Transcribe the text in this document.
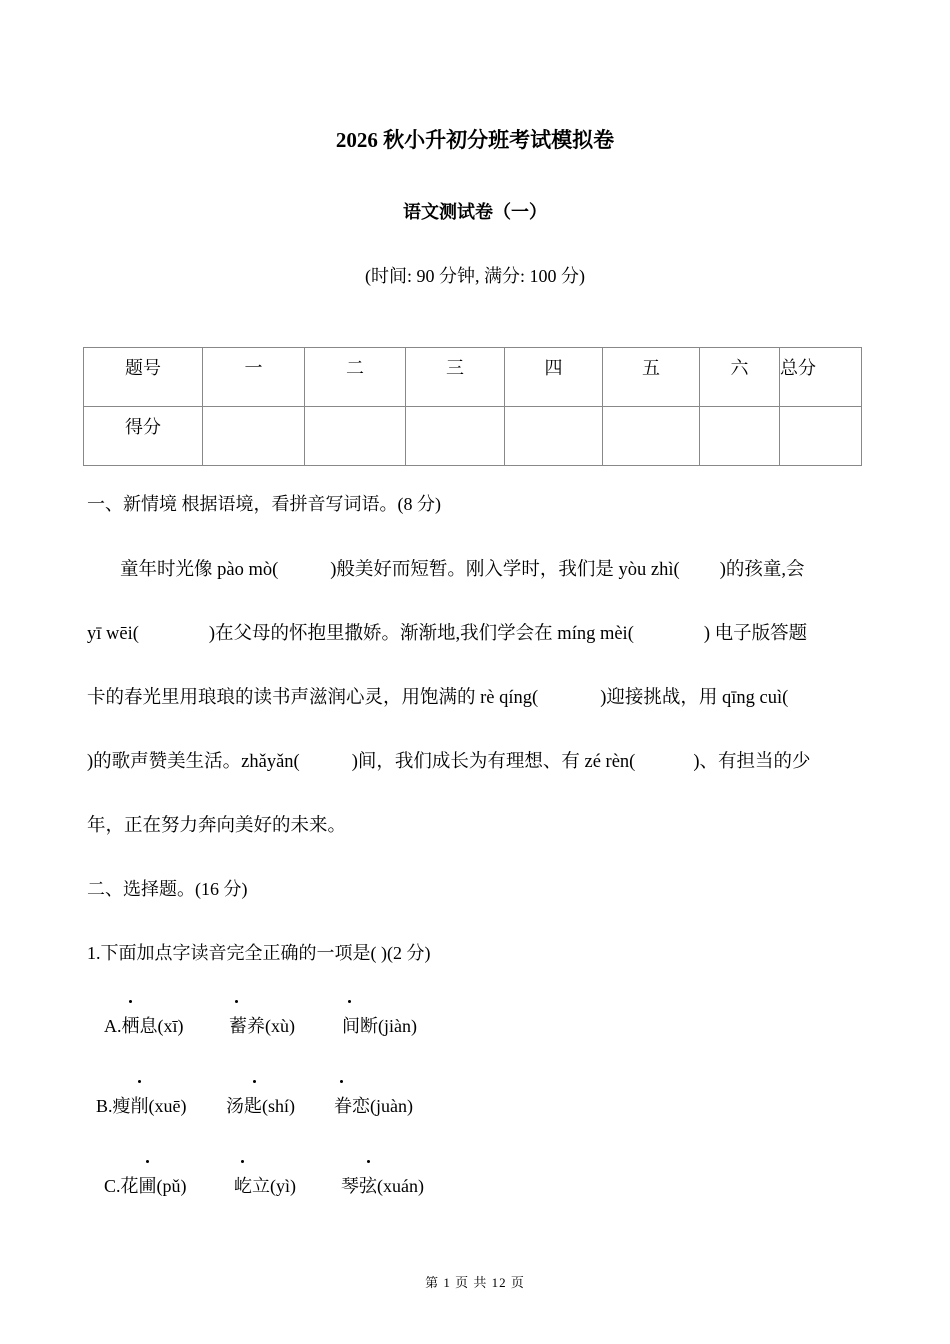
2026 秋小升初分班考试模拟卷
语文测试卷（一）
(时间: 90 分钟, 满分: 100 分)
题号	一	二	三	四	五	六	总分
得分							
一、新情境 根据语境，看拼音写词语。(8 分)
童年时光像 pào mò(	)般美好而短暂。刚入学时，我们是 yòu zhì( )的孩童,会
yī wēi(	)在父母的怀抱里撒娇。渐渐地,我们学会在 míng mèi(	) 电子版答题
卡的春光里用琅琅的读书声滋润心灵，用饱满的 rè qíng(	)迎接挑战，用 qīng cuì(
)的歌声赞美生活。zhǎyǎn(	)间，我们成长为有理想、有 zé rèn(	)、有担当的少
年，正在努力奔向美好的未来。
二、选择题。(16 分)
1.下面加点字读音完全正确的一项是( )(2 分)
A.栖息(xī)	蓄养(xù)	间断(jiàn)
B.瘦削(xuē) 汤匙(shí) 眷恋(juàn)
C.花圃(pǔ)	屹立(yì)	琴弦(xuán)
第 1 页 共 12 页
